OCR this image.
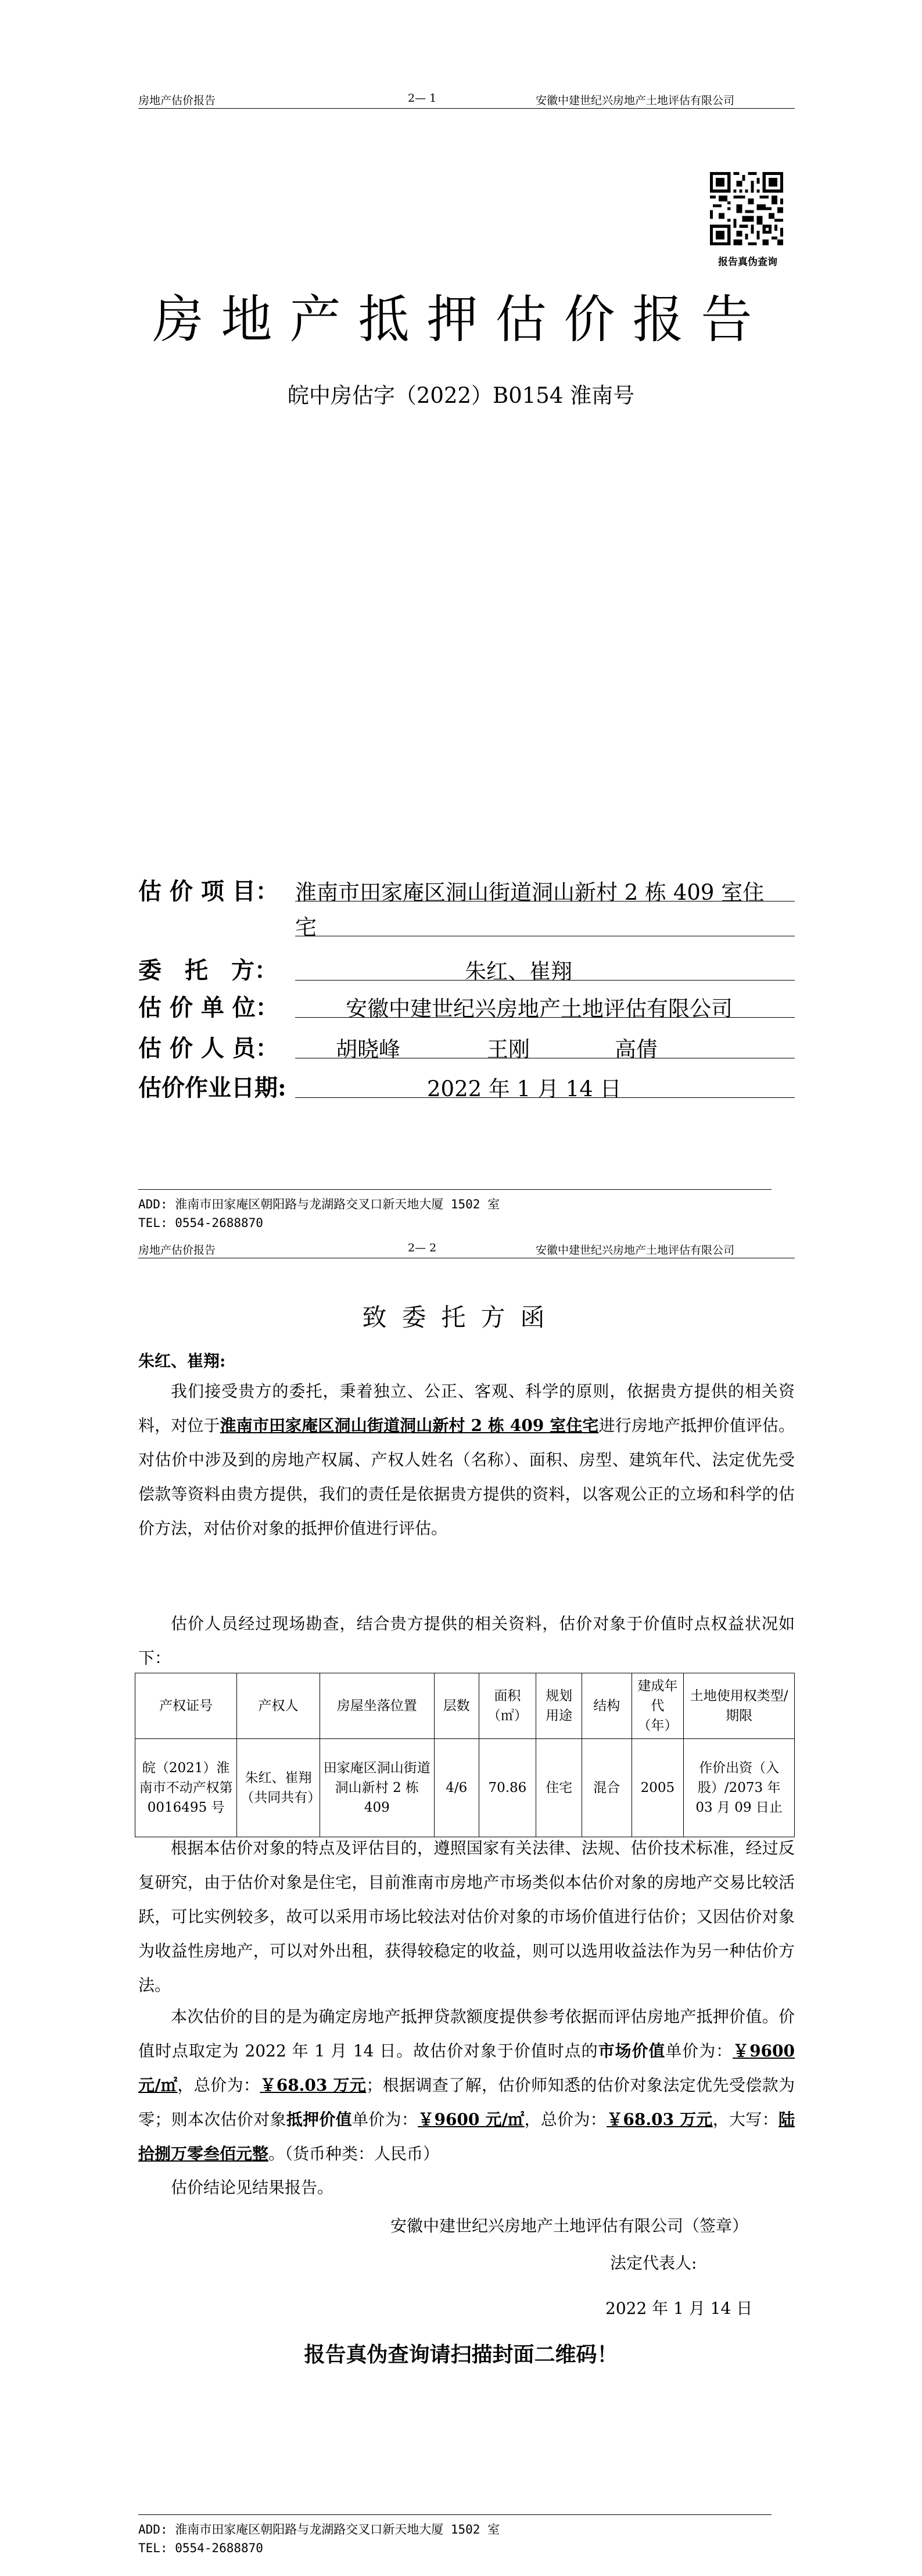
房地产估价报告	2— 1	安徽中建世纪兴房地产土地评估有限公司
报告真伪查询
房地产抵押估价报告
皖中房估字（2022）B0154 淮南号
估 价 项 目： 淮南市田家庵区洞山街道洞山新村 2 栋 409 室住
宅
委　托　方：	朱红、崔翔
估 价 单 位：	安徽中建世纪兴房地产土地评估有限公司
估 价 人 员：	胡晓峰	王刚	高倩
估价作业日期:	2022 年 1 月 14 日
ADD: 淮南市田家庵区朝阳路与龙湖路交叉口新天地大厦 1502 室
TEL: 0554-2688870
房地产估价报告	2— 2	安徽中建世纪兴房地产土地评估有限公司
致委托方函
朱红、崔翔:
我们接受贵方的委托，秉着独立、公正、客观、科学的原则，依据贵方提供的相关资料，对位于淮南市田家庵区洞山街道洞山新村 2 栋 409 室住宅进行房地产抵押价值评估。对估价中涉及到的房地产权属、产权人姓名（名称）、面积、房型、建筑年代、法定优先受偿款等资料由贵方提供，我们的责任是依据贵方提供的资料，以客观公正的立场和科学的估价方法，对估价对象的抵押价值进行评估。
估价人员经过现场勘查，结合贵方提供的相关资料，估价对象于价值时点权益状况如下：
产权证号	产权人	房屋坐落位置	层数	面积（㎡）	规划用途	结构	建成年代（年）	土地使用权类型/期限
皖（2021）淮南市不动产权第 0016495 号	朱红、崔翔（共同共有）	田家庵区洞山街道洞山新村 2 栋 409	4/6	70.86	住宅	混合	2005	作价出资（入股）/2073 年 03 月 09 日止
根据本估价对象的特点及评估目的，遵照国家有关法律、法规、估价技术标准，经过反复研究，由于估价对象是住宅，目前淮南市房地产市场类似本估价对象的房地产交易比较活跃，可比实例较多，故可以采用市场比较法对估价对象的市场价值进行估价；又因估价对象为收益性房地产，可以对外出租，获得较稳定的收益，则可以选用收益法作为另一种估价方法。
本次估价的目的是为确定房地产抵押贷款额度提供参考依据而评估房地产抵押价值。价值时点取定为 2022 年 1 月 14 日。故估价对象于价值时点的市场价值单价为：￥9600 元/㎡，总价为：￥68.03 万元；根据调查了解，估价师知悉的估价对象法定优先受偿款为零；则本次估价对象抵押价值单价为：￥9600 元/㎡，总价为：￥68.03 万元，大写：陆拾捌万零叁佰元整。（货币种类：人民币）
估价结论见结果报告。
安徽中建世纪兴房地产土地评估有限公司（签章）
法定代表人:
2022 年 1 月 14 日
报告真伪查询请扫描封面二维码！
ADD: 淮南市田家庵区朝阳路与龙湖路交叉口新天地大厦 1502 室
TEL: 0554-2688870
